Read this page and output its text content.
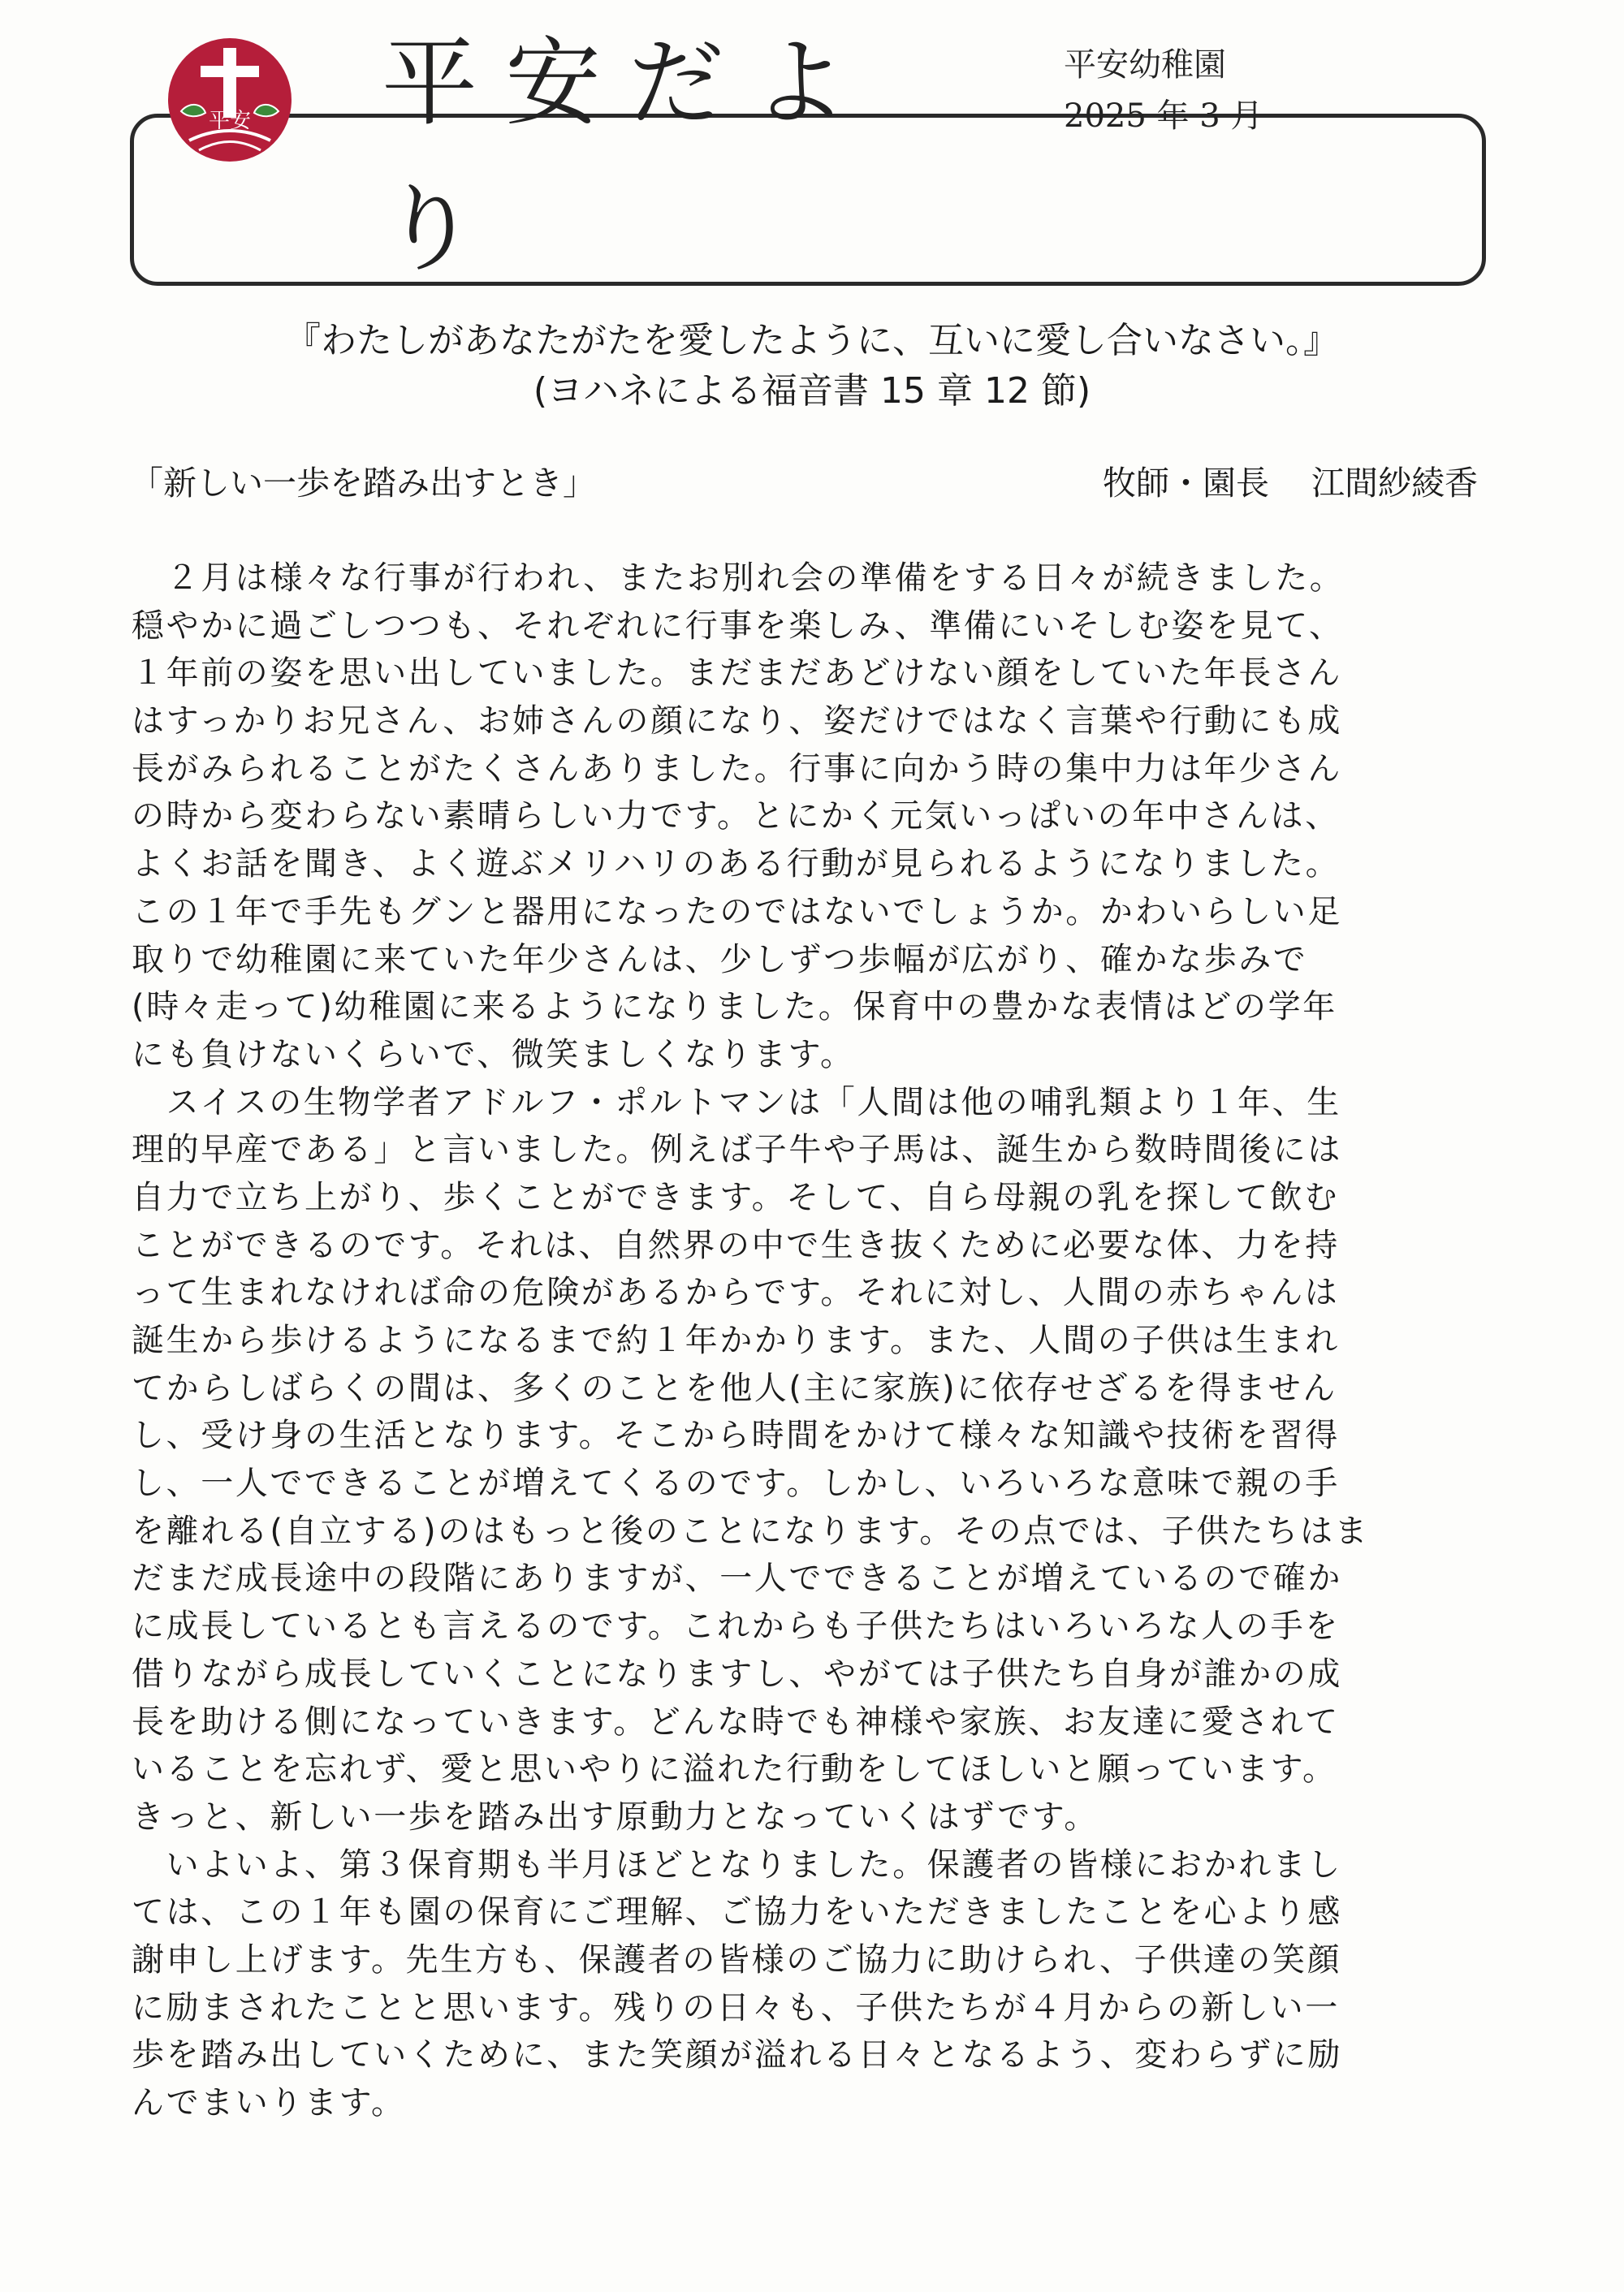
平安 平安だより
平安幼稚園
2025 年 3 月
『わたしがあなたがたを愛したように、互いに愛し合いなさい。』
(ヨハネによる福音書 15 章 12 節)
「新しい一歩を踏み出すとき」	牧師・園長 江間紗綾香
　２月は様々な行事が行われ、またお別れ会の準備をする日々が続きました。
穏やかに過ごしつつも、それぞれに行事を楽しみ、準備にいそしむ姿を見て、
１年前の姿を思い出していました。まだまだあどけない顔をしていた年長さん
はすっかりお兄さん、お姉さんの顔になり、姿だけではなく言葉や行動にも成
長がみられることがたくさんありました。行事に向かう時の集中力は年少さん
の時から変わらない素晴らしい力です。とにかく元気いっぱいの年中さんは、
よくお話を聞き、よく遊ぶメリハリのある行動が見られるようになりました。
この１年で手先もグンと器用になったのではないでしょうか。かわいらしい足
取りで幼稚園に来ていた年少さんは、少しずつ歩幅が広がり、確かな歩みで
(時々走って)幼稚園に来るようになりました。保育中の豊かな表情はどの学年
にも負けないくらいで、微笑ましくなります。
　スイスの生物学者アドルフ・ポルトマンは「人間は他の哺乳類より１年、生
理的早産である」と言いました。例えば子牛や子馬は、誕生から数時間後には
自力で立ち上がり、歩くことができます。そして、自ら母親の乳を探して飲む
ことができるのです。それは、自然界の中で生き抜くために必要な体、力を持
って生まれなければ命の危険があるからです。それに対し、人間の赤ちゃんは
誕生から歩けるようになるまで約１年かかります。また、人間の子供は生まれ
てからしばらくの間は、多くのことを他人(主に家族)に依存せざるを得ません
し、受け身の生活となります。そこから時間をかけて様々な知識や技術を習得
し、一人でできることが増えてくるのです。しかし、いろいろな意味で親の手
を離れる(自立する)のはもっと後のことになります。その点では、子供たちはま
だまだ成長途中の段階にありますが、一人でできることが増えているので確か
に成長しているとも言えるのです。これからも子供たちはいろいろな人の手を
借りながら成長していくことになりますし、やがては子供たち自身が誰かの成
長を助ける側になっていきます。どんな時でも神様や家族、お友達に愛されて
いることを忘れず、愛と思いやりに溢れた行動をしてほしいと願っています。
きっと、新しい一歩を踏み出す原動力となっていくはずです。
　いよいよ、第３保育期も半月ほどとなりました。保護者の皆様におかれまし
ては、この１年も園の保育にご理解、ご協力をいただきましたことを心より感
謝申し上げます。先生方も、保護者の皆様のご協力に助けられ、子供達の笑顔
に励まされたことと思います。残りの日々も、子供たちが４月からの新しい一
歩を踏み出していくために、また笑顔が溢れる日々となるよう、変わらずに励
んでまいります。
